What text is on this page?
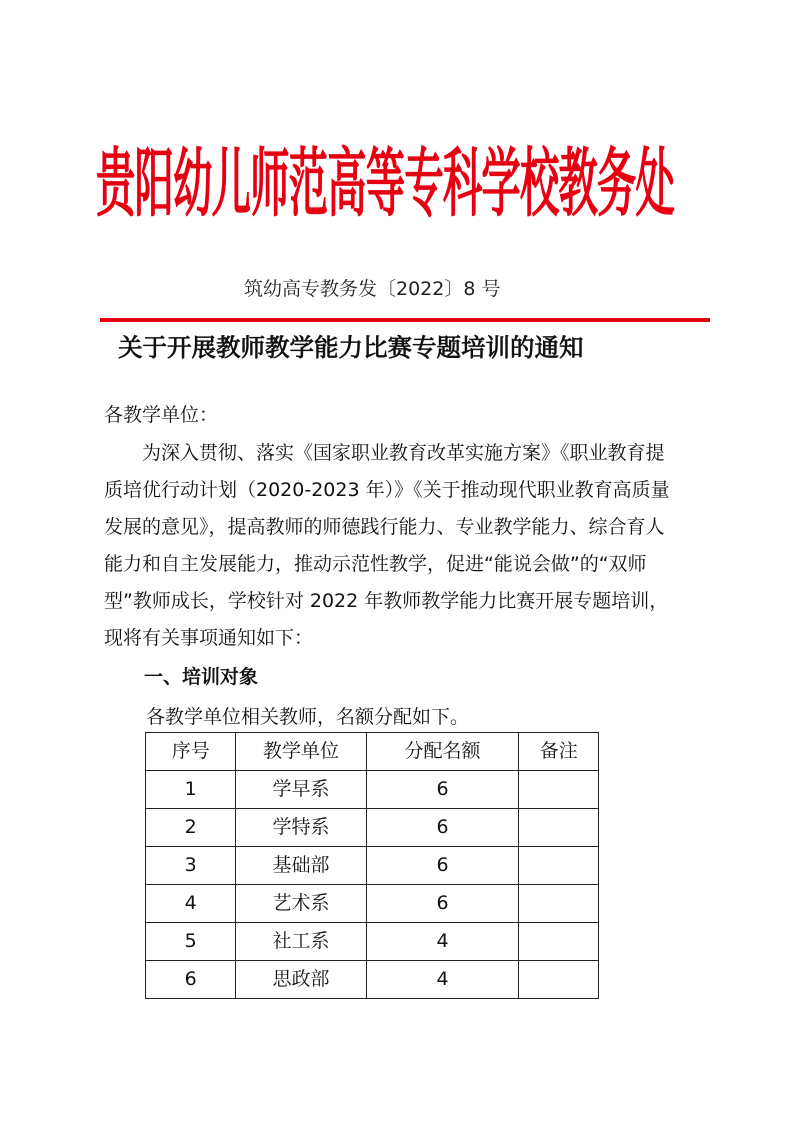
贵阳幼儿师范高等专科学校教务处
筑幼高专教务发〔2022〕8 号
关于开展教师教学能力比赛专题培训的通知
各教学单位：
　　为深入贯彻、落实《国家职业教育改革实施方案》《职业教育提
质培优行动计划（2020-2023 年）》《关于推动现代职业教育高质量
发展的意见》，提高教师的师德践行能力、专业教学能力、综合育人
能力和自主发展能力，推动示范性教学，促进“能说会做”的“双师
型”教师成长，学校针对 2022 年教师教学能力比赛开展专题培训，
现将有关事项通知如下：
一、培训对象
各教学单位相关教师，名额分配如下。
序号	教学单位	分配名额	备注
1	学早系	6	
2	学特系	6	
3	基础部	6	
4	艺术系	6	
5	社工系	4	
6	思政部	4	
